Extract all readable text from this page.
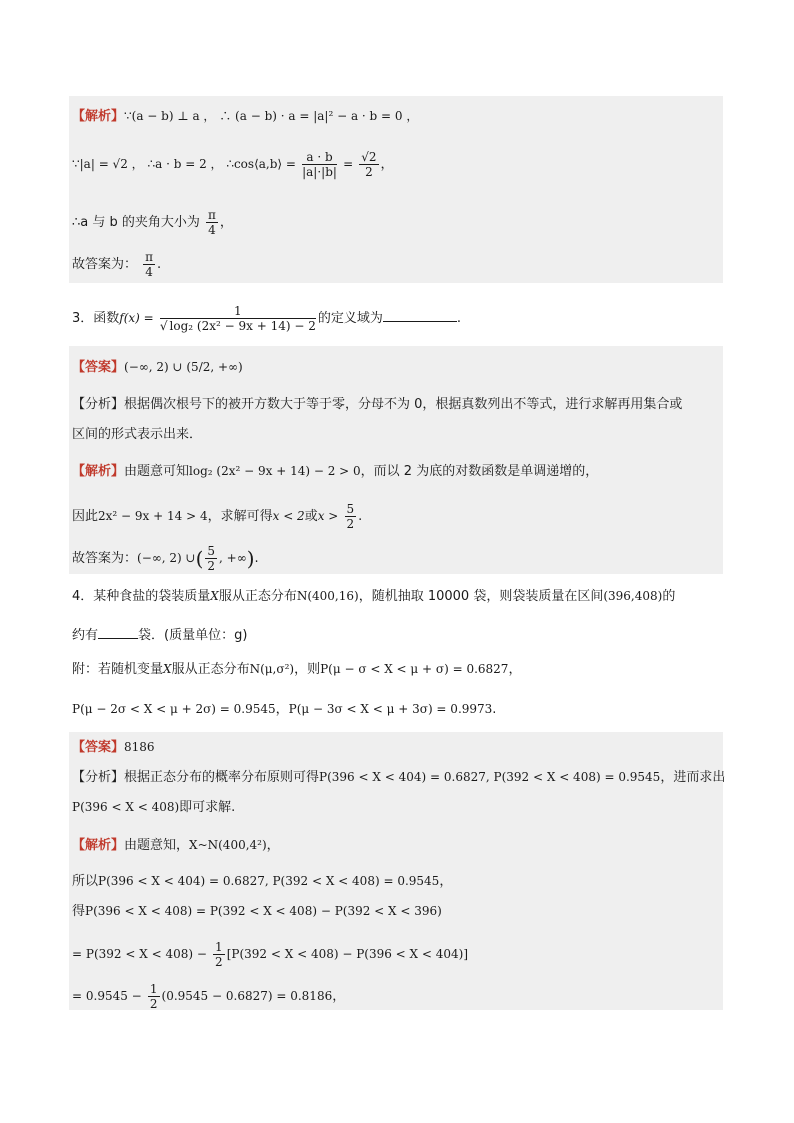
【解析】∵(a − b) ⊥ a ， ∴ (a − b) · a = |a|² − a · b = 0 ，
∵|a| = √2 ， ∴a · b = 2 ， ∴cos⟨a,b⟩ = $\frac{a \cdot b}{|a|\cdot|b|} = \frac{√2}{2}$ ，
∴a 与 b 的夹角大小为 $\frac{\pi}{4}$ ，
故答案为： $\frac{\pi}{4}$ .
3．函数$f(x) = \frac{1}{\text{√ log₂ (2x² − 9x + 14) − 2}}$ 的定义域为	.
【答案】(−∞, 2) ∪ (5/2, +∞)
【分析】根据偶次根号下的被开方数大于等于零，分母不为 0，根据真数列出不等式，进行求解再用集合或
区间的形式表示出来．
【解析】由题意可知log₂ (2x² − 9x + 14) − 2 > 0，而以 2 为底的对数函数是单调递增的，
因此2x² − 9x + 14 > 4，求解可得x < 2或$x > \frac{5}{2}$ .
故答案为：(−∞, 2) ∪( $\frac{5}{2}$ , +∞).
4．某种食盐的袋装质量X服从正态分布N(400,16)，随机抽取 10000 袋，则袋装质量在区间(396,408)的
约有	袋．(质量单位：g)
附：若随机变量X服从正态分布N(μ,σ²)，则P(μ − σ < X < μ + σ) = 0.6827，
P(μ − 2σ < X < μ + 2σ) = 0.9545，P(μ − 3σ < X < μ + 3σ) = 0.9973.
【答案】8186
【分析】根据正态分布的概率分布原则可得P(396 < X < 404) = 0.6827, P(392 < X < 408) = 0.9545，进而求出
P(396 < X < 408)即可求解.
【解析】由题意知，X~N(400,4²)，
所以P(396 < X < 404) = 0.6827, P(392 < X < 408) = 0.9545，
得P(396 < X < 408) = P(392 < X < 408) − P(392 < X < 396)
= $P(392 < X < 408) - \frac{1}{2} [P(392 < X < 408) - P(396 < X < 404)]$
= $0.9545 - \frac{1}{2} (0.9545 - 0.6827) = 0.8186$，
